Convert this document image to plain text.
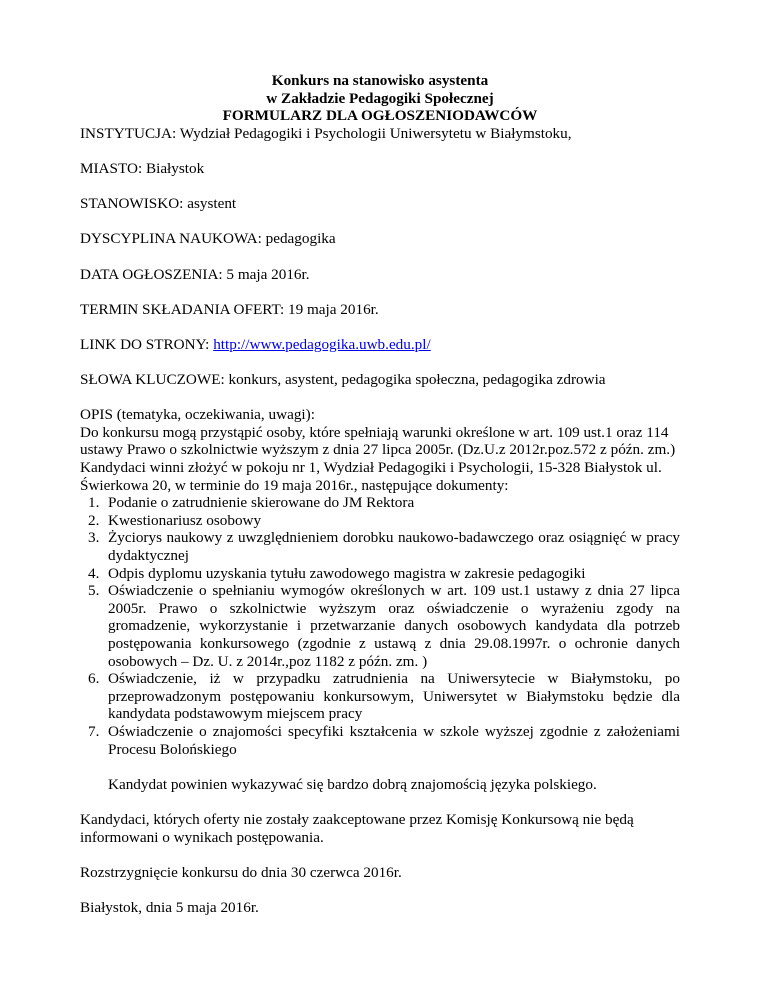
Konkurs na stanowisko asystenta
w Zakładzie Pedagogiki Społecznej
FORMULARZ DLA OGŁOSZENIODAWCÓW

INSTYTUCJA: Wydział Pedagogiki i Psychologii Uniwersytetu w Białymstoku,

MIASTO: Białystok

STANOWISKO: asystent

DYSCYPLINA NAUKOWA: pedagogika

DATA OGŁOSZENIA: 5 maja 2016r.

TERMIN SKŁADANIA OFERT: 19 maja 2016r.

LINK DO STRONY: http://www.pedagogika.uwb.edu.pl/

SŁOWA KLUCZOWE: konkurs, asystent, pedagogika społeczna, pedagogika zdrowia

OPIS (tematyka, oczekiwania, uwagi):

Do konkursu mogą przystąpić osoby, które spełniają warunki określone w art. 109 ust.1 oraz 114 ustawy Prawo o szkolnictwie wyższym z dnia 27 lipca 2005r. (Dz.U.z 2012r.poz.572 z późn. zm.)

Kandydaci winni złożyć w pokoju nr 1, Wydział Pedagogiki i Psychologii, 15-328 Białystok ul. Świerkowa 20, w terminie do 19 maja 2016r., następujące dokumenty:

1. Podanie o zatrudnienie skierowane do JM Rektora
2. Kwestionariusz osobowy
3. Życiorys naukowy z uwzględnieniem dorobku naukowo-badawczego oraz osiągnięć w pracy dydaktycznej
4. Odpis dyplomu uzyskania tytułu zawodowego magistra w zakresie pedagogiki
5. Oświadczenie o spełnianiu wymogów określonych w art. 109 ust.1 ustawy z dnia 27 lipca 2005r. Prawo o szkolnictwie wyższym oraz oświadczenie o wyrażeniu zgody na gromadzenie, wykorzystanie i przetwarzanie danych osobowych kandydata dla potrzeb postępowania konkursowego (zgodnie z ustawą z dnia 29.08.1997r. o ochronie danych osobowych – Dz. U. z 2014r.,poz 1182 z późn. zm. )
6. Oświadczenie, iż w przypadku zatrudnienia na Uniwersytecie w Białymstoku, po przeprowadzonym postępowaniu konkursowym, Uniwersytet w Białymstoku będzie dla kandydata podstawowym miejscem pracy
7. Oświadczenie o znajomości specyfiki kształcenia w szkole wyższej zgodnie z założeniami Procesu Bolońskiego

Kandydat powinien wykazywać się bardzo dobrą znajomością języka polskiego.

Kandydaci, których oferty nie zostały zaakceptowane przez Komisję Konkursową nie będą informowani o wynikach postępowania.

Rozstrzygnięcie konkursu do dnia 30 czerwca 2016r.

Białystok, dnia 5 maja 2016r.
